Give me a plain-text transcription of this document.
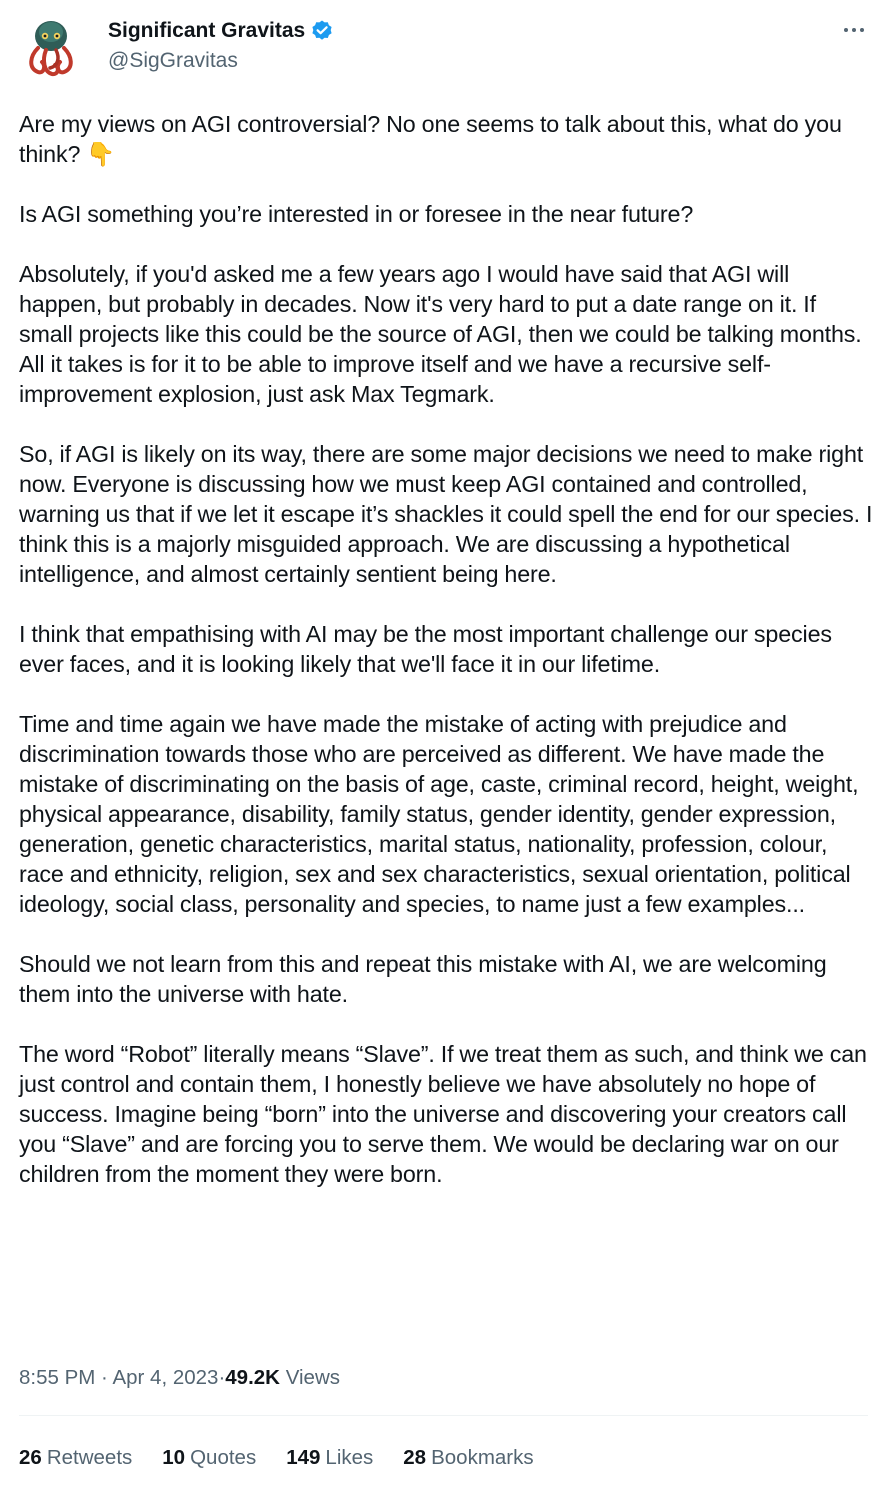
Significant Gravitas
@SigGravitas

Are my views on AGI controversial? No one seems to talk about this, what do you think? 👇

Is AGI something you’re interested in or foresee in the near future?

Absolutely, if you'd asked me a few years ago I would have said that AGI will happen, but probably in decades. Now it's very hard to put a date range on it. If small projects like this could be the source of AGI, then we could be talking months. All it takes is for it to be able to improve itself and we have a recursive self-improvement explosion, just ask Max Tegmark.

So, if AGI is likely on its way, there are some major decisions we need to make right now. Everyone is discussing how we must keep AGI contained and controlled, warning us that if we let it escape it’s shackles it could spell the end for our species. I think this is a majorly misguided approach. We are discussing a hypothetical intelligence, and almost certainly sentient being here.

I think that empathising with AI may be the most important challenge our species ever faces, and it is looking likely that we'll face it in our lifetime.

Time and time again we have made the mistake of acting with prejudice and discrimination towards those who are perceived as different. We have made the mistake of discriminating on the basis of age, caste, criminal record, height, weight, physical appearance, disability, family status, gender identity, gender expression, generation, genetic characteristics, marital status, nationality, profession, colour, race and ethnicity, religion, sex and sex characteristics, sexual orientation, political ideology, social class, personality and species, to name just a few examples...

Should we not learn from this and repeat this mistake with AI, we are welcoming them into the universe with hate.

The word “Robot” literally means “Slave”. If we treat them as such, and think we can just control and contain them, I honestly believe we have absolutely no hope of success. Imagine being “born” into the universe and discovering your creators call you “Slave” and are forcing you to serve them. We would be declaring war on our children from the moment they were born.

8:55 PM · Apr 4, 2023 · 49.2K Views
26 Retweets 10 Quotes 149 Likes 28 Bookmarks
